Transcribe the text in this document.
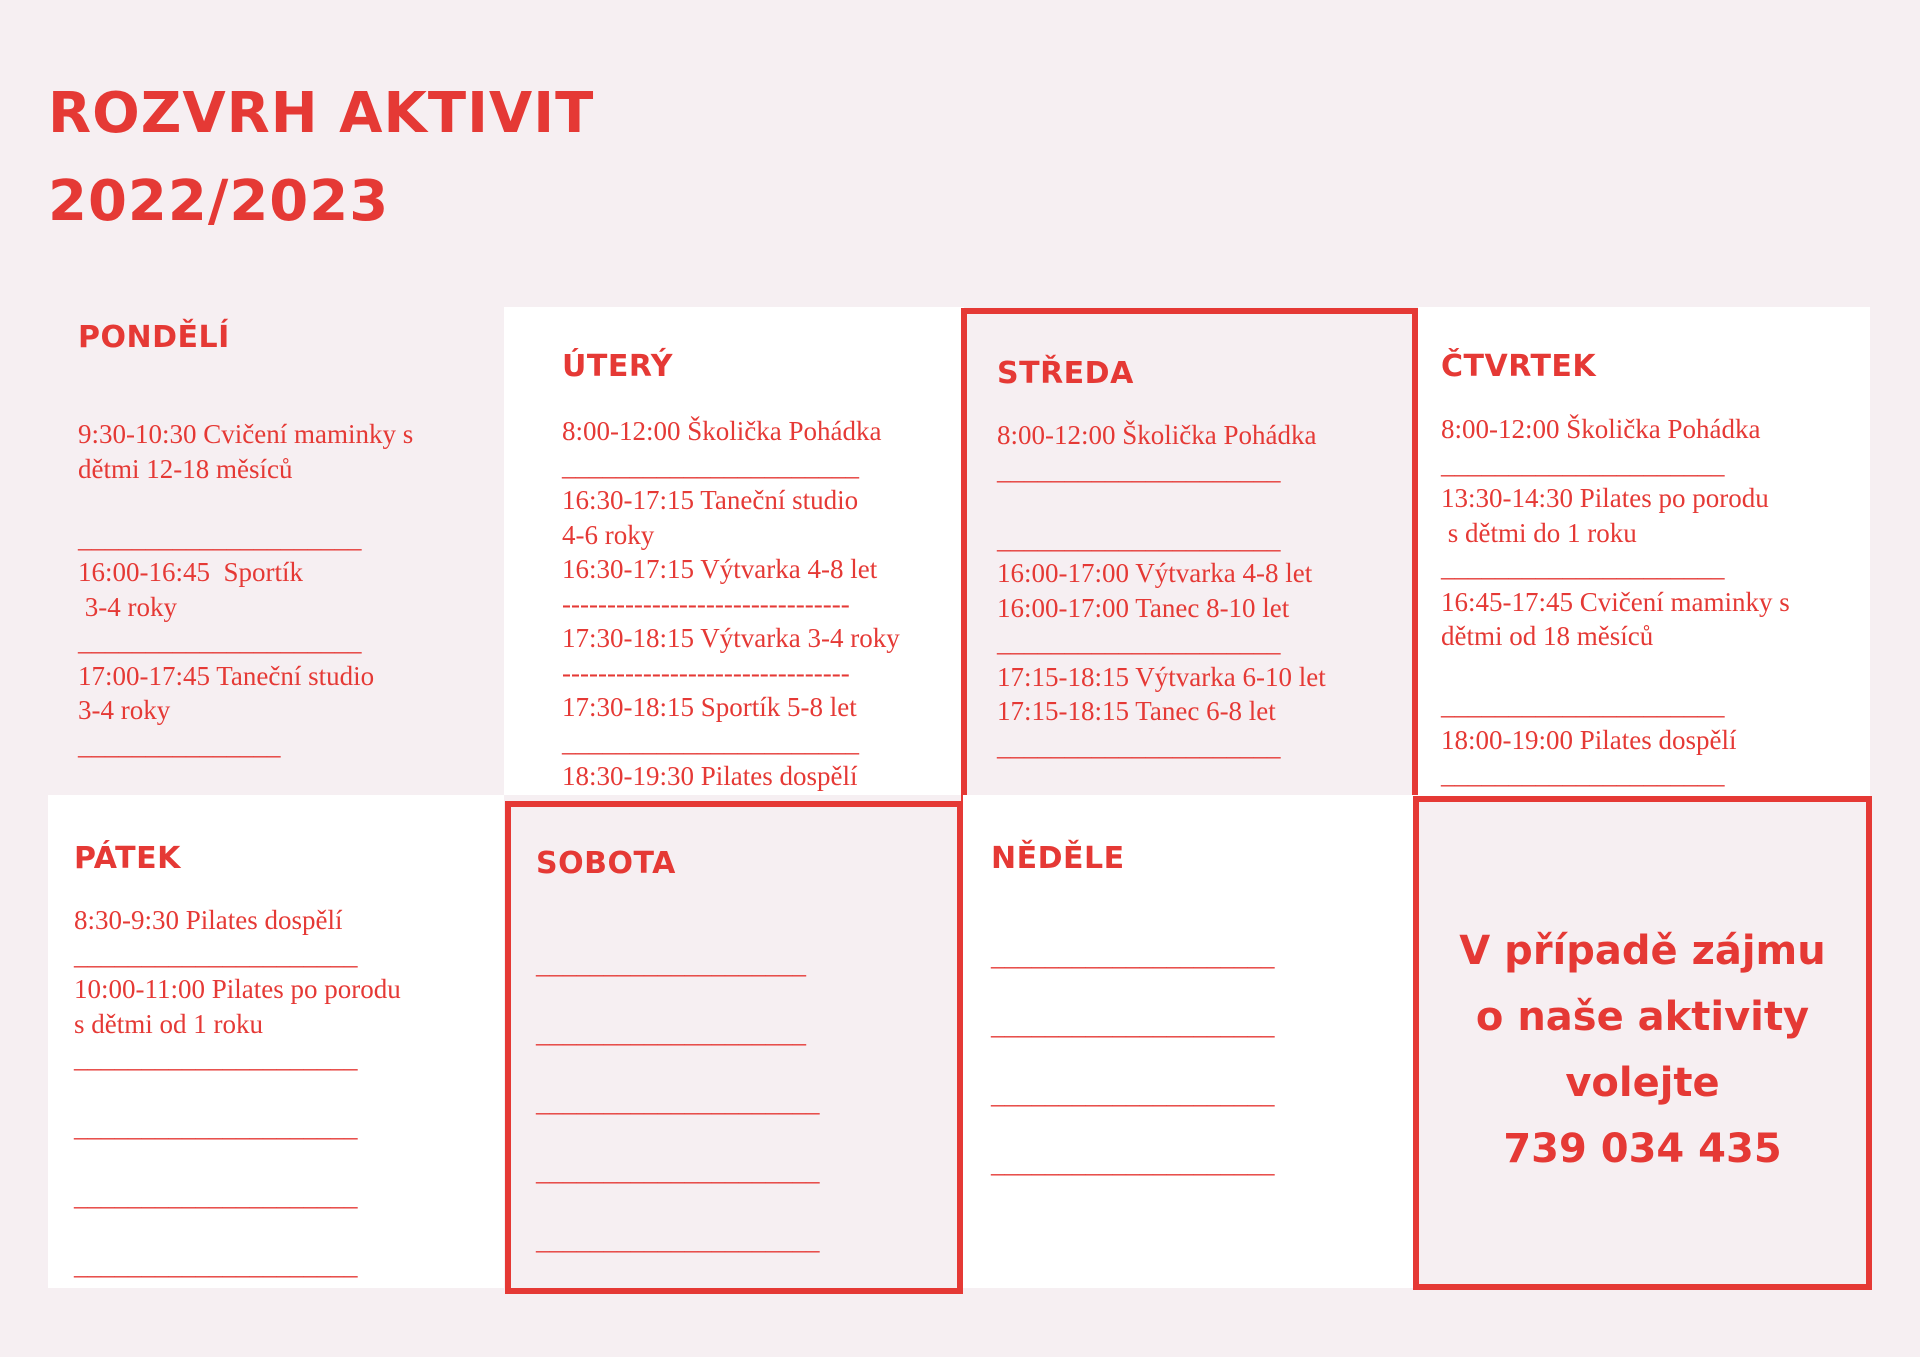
ROZVRH AKTIVIT
2022/2023
PONDĚLÍ
9:30-10:30 Cvičení maminky s
dětmi 12-18 měsíců

_____________________
16:00-16:45  Sportík
3-4 roky
_____________________
17:00-17:45 Taneční studio
3-4 roky
_______________

ÚTERÝ
8:00-12:00 Školička Pohádka
______________________
16:30-17:15 Taneční studio
4-6 roky
16:30-17:15 Výtvarka 4-8 let
--------------------------------
17:30-18:15 Výtvarka 3-4 roky
--------------------------------
17:30-18:15 Sportík 5-8 let
______________________
18:30-19:30 Pilates dospělí
STŘEDA
8:00-12:00 Školička Pohádka
_____________________

_____________________
16:00-17:00 Výtvarka 4-8 let
16:00-17:00 Tanec 8-10 let
_____________________
17:15-18:15 Výtvarka 6-10 let
17:15-18:15 Tanec 6-8 let
_____________________

ČTVRTEK
8:00-12:00 Školička Pohádka
_____________________
13:30-14:30 Pilates po porodu
s dětmi do 1 roku
_____________________
16:45-17:45 Cvičení maminky s
dětmi od 18 měsíců

_____________________
18:00-19:00 Pilates dospělí
_____________________

PÁTEK
8:30-9:30 Pilates dospělí
_____________________
10:00-11:00 Pilates po porodu
s dětmi od 1 roku
_____________________

_____________________

_____________________

_____________________
SOBOTA
____________________

____________________

_____________________

_____________________

_____________________
NĚDĚLE
_____________________

_____________________

_____________________

_____________________

V případě zájmu
o naše aktivity
volejte
739 034 435
